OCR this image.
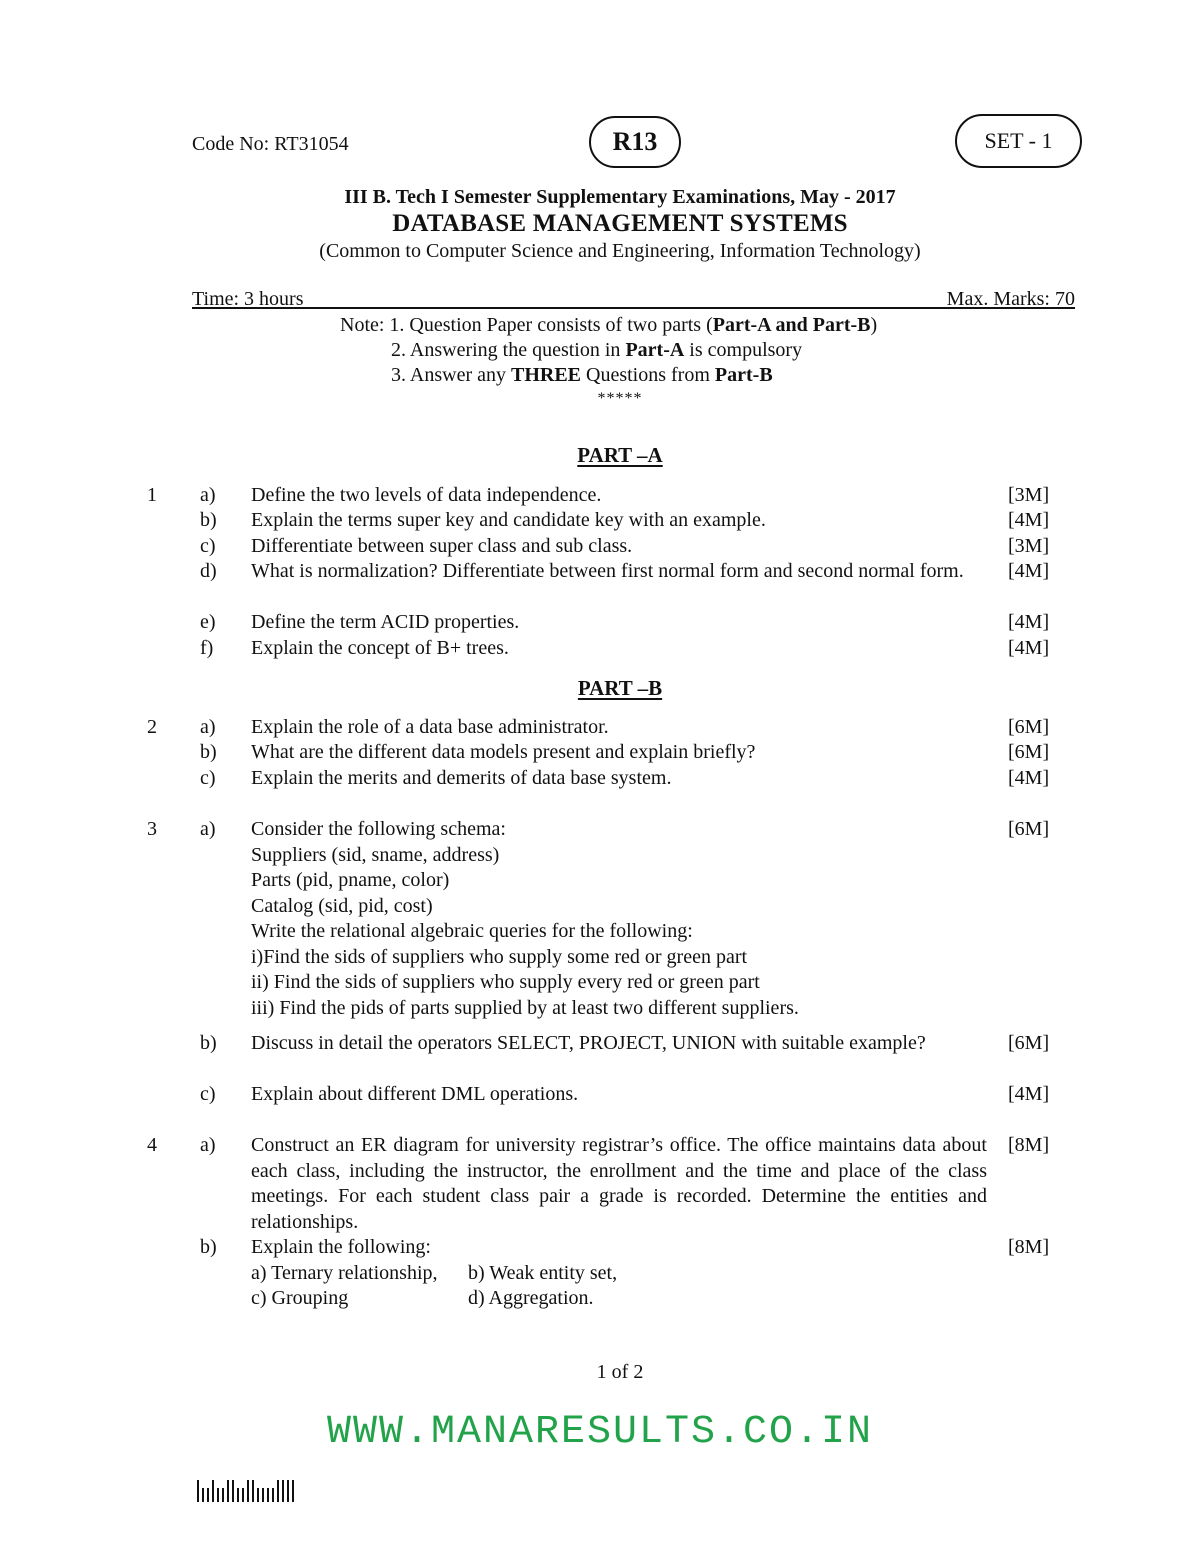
Code No: RT31054	R13	SET - 1
III B. Tech I Semester Supplementary Examinations, May - 2017
DATABASE MANAGEMENT SYSTEMS
(Common to Computer Science and Engineering, Information Technology)
Time: 3 hours	Max. Marks: 70
Note: 1. Question Paper consists of two parts (Part-A and Part-B)
2. Answering the question in Part-A is compulsory
3. Answer any THREE Questions from Part-B
*****
PART –A
1 a) Define the two levels of data independence.	[3M]
b) Explain the terms super key and candidate key with an example.	[4M]
c) Differentiate between super class and sub class.	[3M]
d) What is normalization? Differentiate between first normal form and second normal form.	[4M]
e) Define the term ACID properties.	[4M]
f) Explain the concept of B+ trees.	[4M]
PART –B
2 a) Explain the role of a data base administrator.	[6M]
b) What are the different data models present and explain briefly?	[6M]
c) Explain the merits and demerits of data base system.	[4M]
3 a) Consider the following schema:
Suppliers (sid, sname, address)
Parts (pid, pname, color)
Catalog (sid, pid, cost)
Write the relational algebraic queries for the following:
i)Find the sids of suppliers who supply some red or green part
ii) Find the sids of suppliers who supply every red or green part
iii) Find the pids of parts supplied by at least two different suppliers.
[6M]
b) Discuss in detail the operators SELECT, PROJECT, UNION with suitable example?	[6M]
c) Explain about different DML operations.	[4M]
4 a) Construct an ER diagram for university registrar’s office. The office maintains data about each class, including the instructor, the enrollment and the time and place of the class meetings. For each student class pair a grade is recorded. Determine the entities and relationships.
[8M]
b) Explain the following:
a) Ternary relationship, b) Weak entity set,
c) Grouping	d) Aggregation.
[8M]
1 of 2
WWW.MANARESULTS.CO.IN
